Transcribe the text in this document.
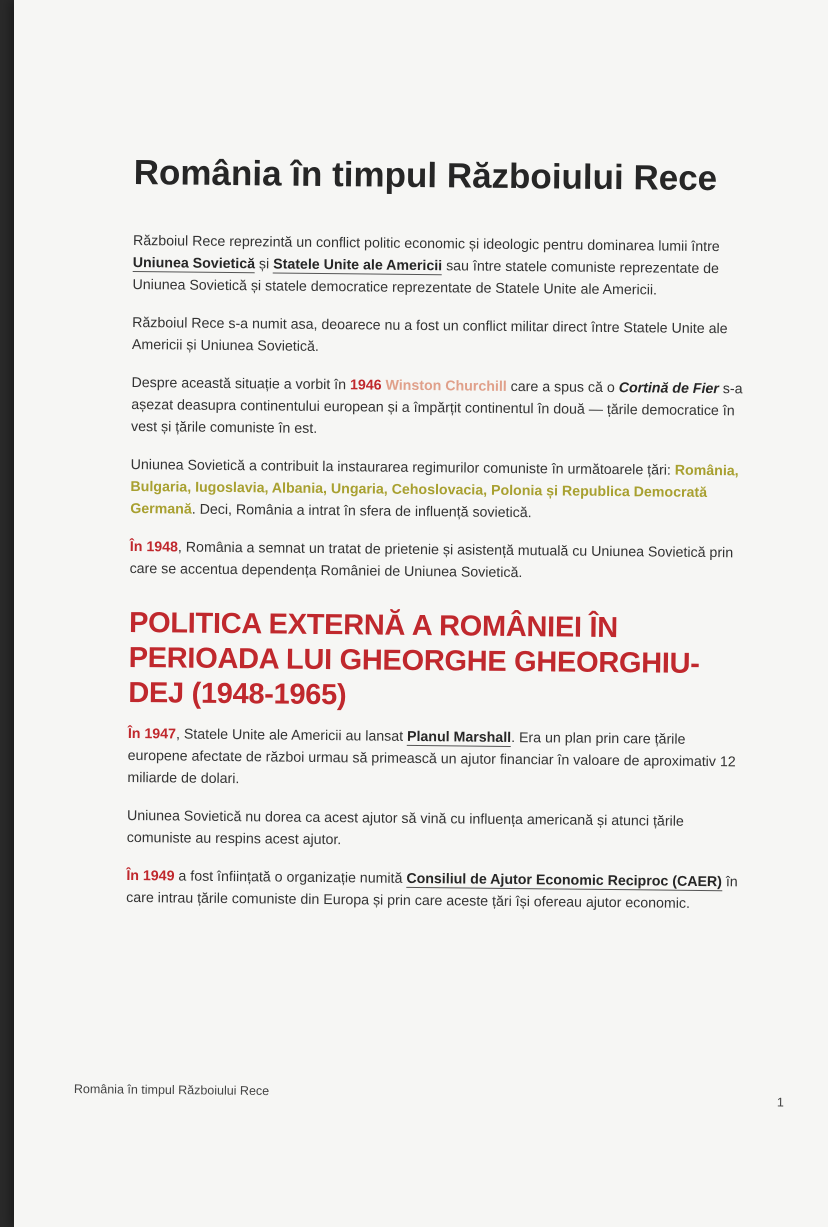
România în timpul Războiului Rece

Războiul Rece reprezintă un conflict politic economic și ideologic pentru dominarea lumii între Uniunea Sovietică și Statele Unite ale Americii sau între statele comuniste reprezentate de Uniunea Sovietică și statele democratice reprezentate de Statele Unite ale Americii.

Războiul Rece s-a numit asa, deoarece nu a fost un conflict militar direct între Statele Unite ale Americii și Uniunea Sovietică.

Despre această situație a vorbit în 1946 Winston Churchill care a spus că o Cortină de Fier s-a așezat deasupra continentului european și a împărțit continentul în două — țările democratice în vest și țările comuniste în est.

Uniunea Sovietică a contribuit la instaurarea regimurilor comuniste în următoarele țări: România, Bulgaria, Iugoslavia, Albania, Ungaria, Cehoslovacia, Polonia și Republica Democrată Germană. Deci, România a intrat în sfera de influență sovietică.

În 1948, România a semnat un tratat de prietenie și asistență mutuală cu Uniunea Sovietică prin care se accentua dependența României de Uniunea Sovietică.

POLITICA EXTERNĂ A ROMÂNIEI ÎN PERIOADA LUI GHEORGHE GHEORGHIU-DEJ (1948-1965)

În 1947, Statele Unite ale Americii au lansat Planul Marshall. Era un plan prin care țările europene afectate de război urmau să primească un ajutor financiar în valoare de aproximativ 12 miliarde de dolari.

Uniunea Sovietică nu dorea ca acest ajutor să vină cu influența americană și atunci țările comuniste au respins acest ajutor.

În 1949 a fost înființată o organizație numită Consiliul de Ajutor Economic Reciproc (CAER) în care intrau țările comuniste din Europa și prin care aceste țări își ofereau ajutor economic.

România în timpul Războiului Rece
1
